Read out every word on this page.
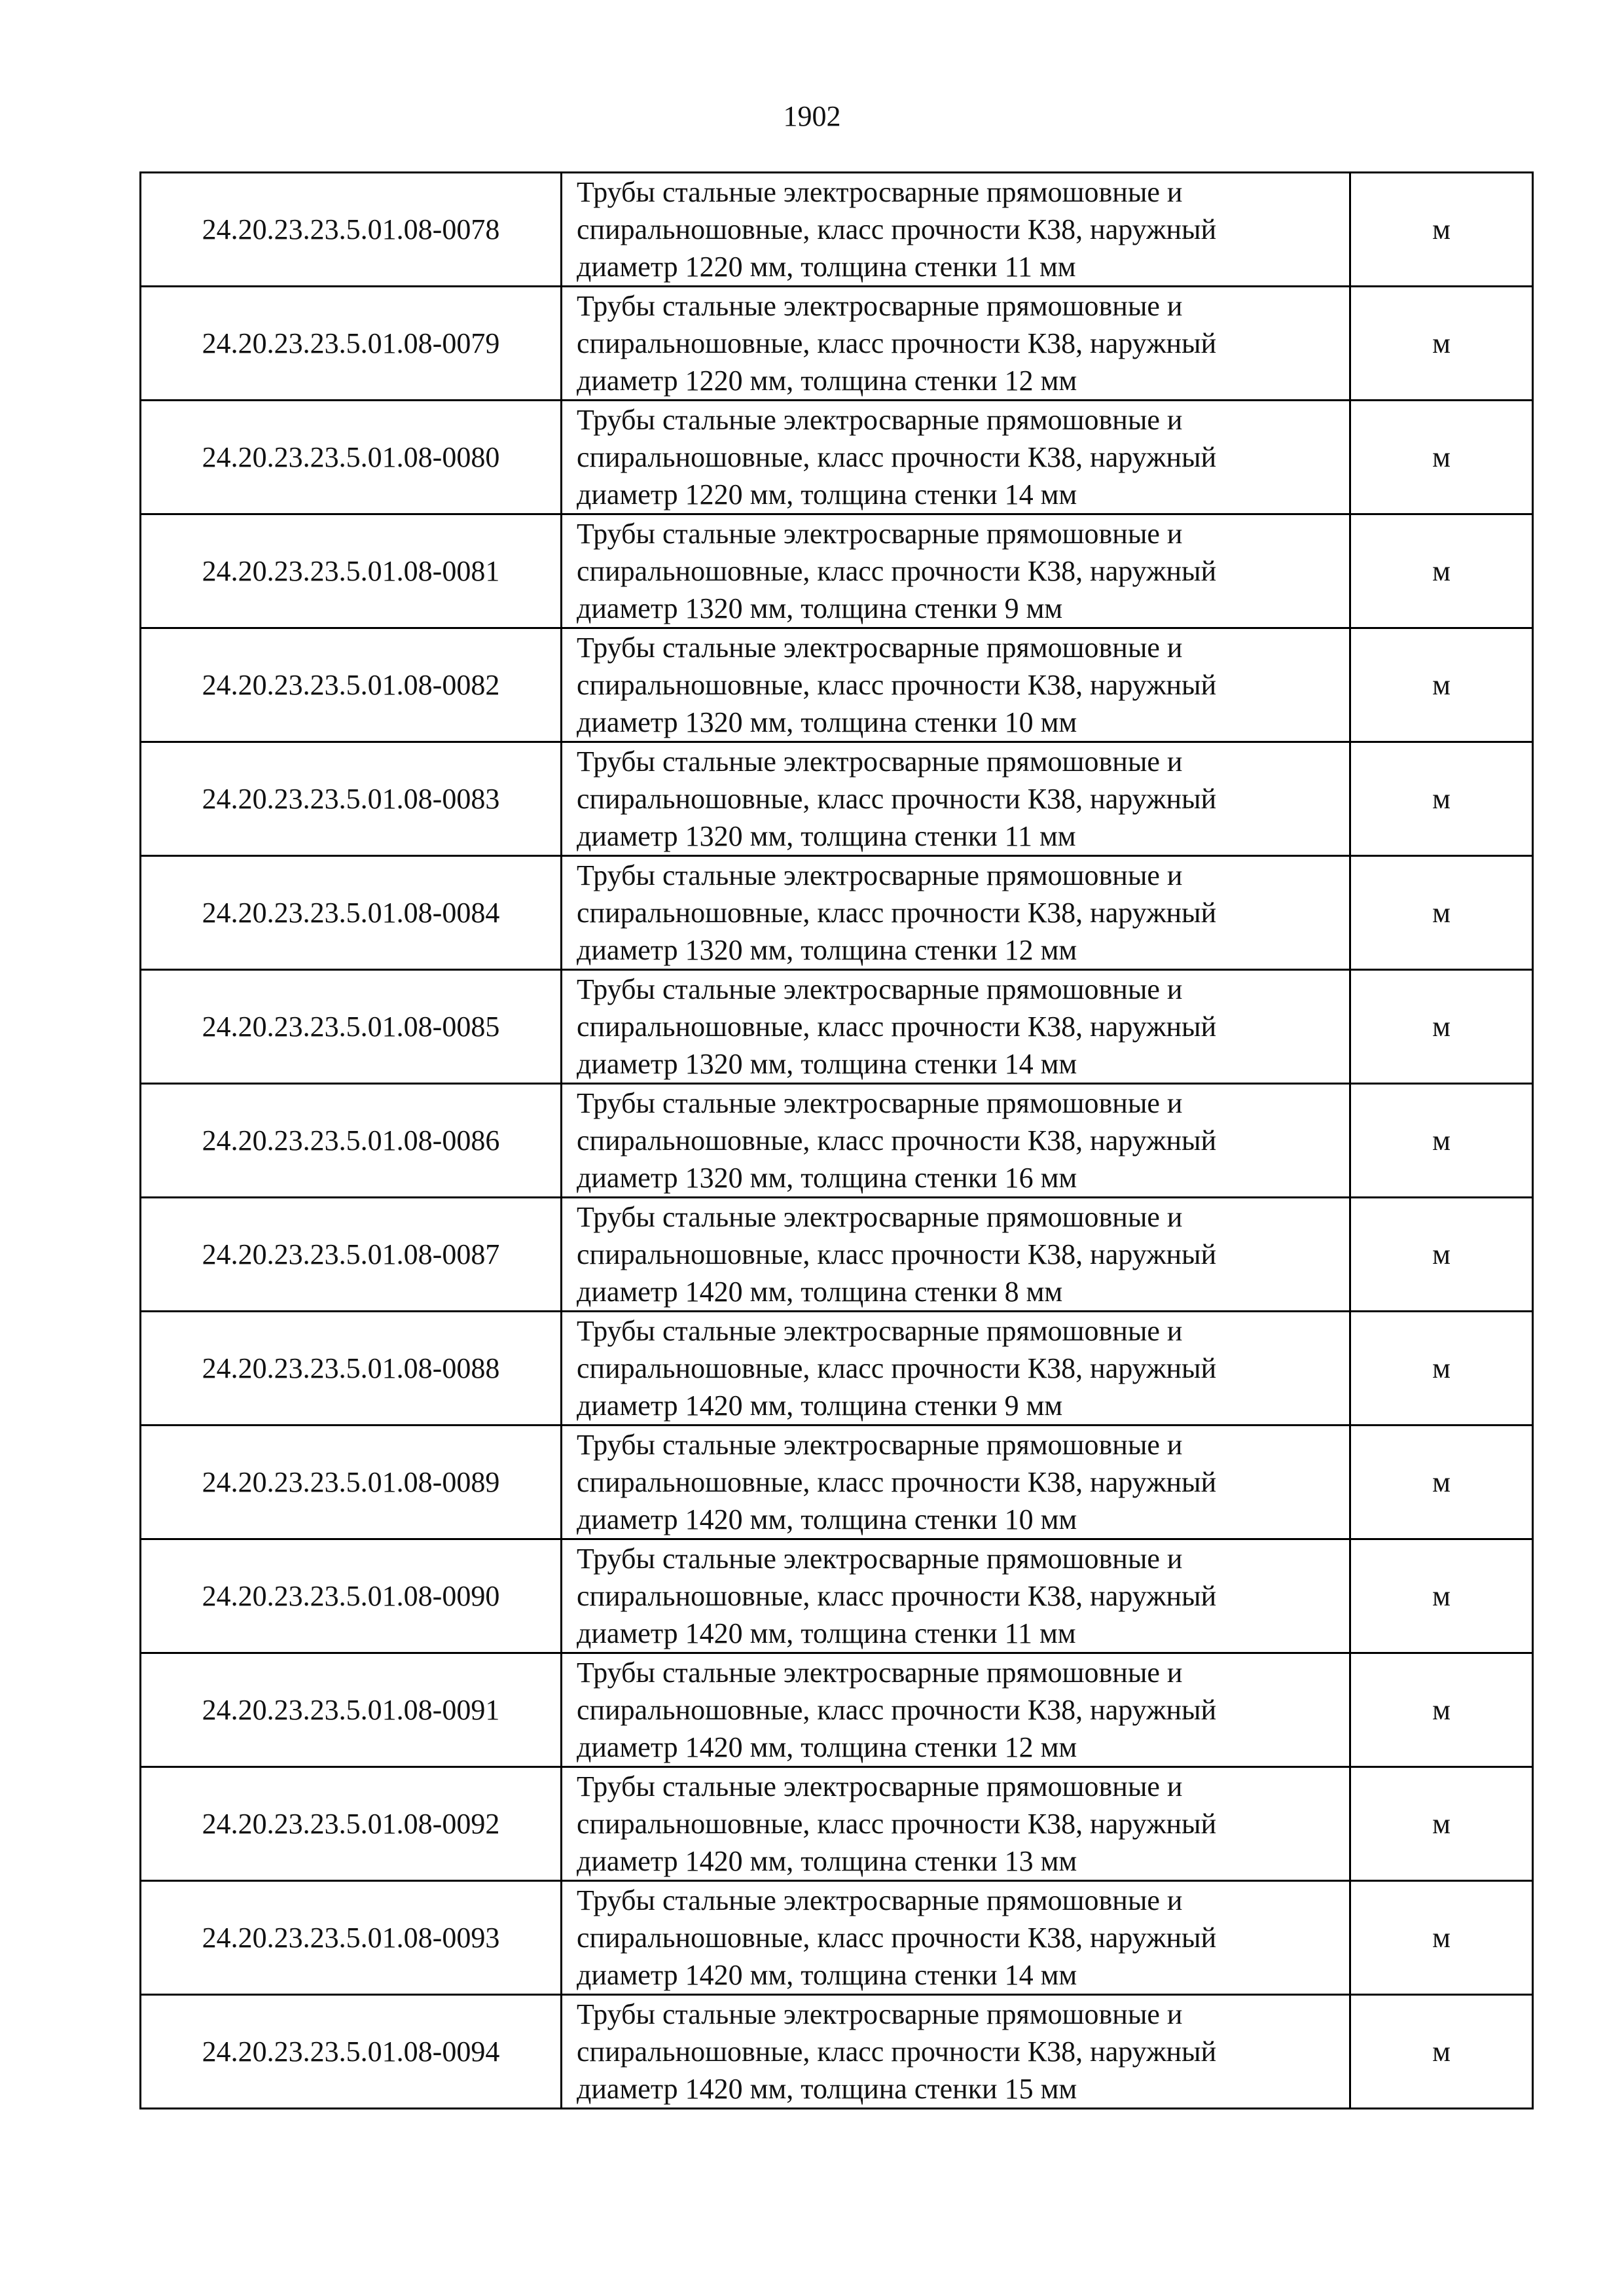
1902
24.20.23.23.5.01.08-0078	Трубы стальные электросварные прямошовные и
спиральношовные, класс прочности К38, наружный
диаметр 1220 мм, толщина стенки 11 мм	м
24.20.23.23.5.01.08-0079	Трубы стальные электросварные прямошовные и
спиральношовные, класс прочности К38, наружный
диаметр 1220 мм, толщина стенки 12 мм	м
24.20.23.23.5.01.08-0080	Трубы стальные электросварные прямошовные и
спиральношовные, класс прочности К38, наружный
диаметр 1220 мм, толщина стенки 14 мм	м
24.20.23.23.5.01.08-0081	Трубы стальные электросварные прямошовные и
спиральношовные, класс прочности К38, наружный
диаметр 1320 мм, толщина стенки 9 мм	м
24.20.23.23.5.01.08-0082	Трубы стальные электросварные прямошовные и
спиральношовные, класс прочности К38, наружный
диаметр 1320 мм, толщина стенки 10 мм	м
24.20.23.23.5.01.08-0083	Трубы стальные электросварные прямошовные и
спиральношовные, класс прочности К38, наружный
диаметр 1320 мм, толщина стенки 11 мм	м
24.20.23.23.5.01.08-0084	Трубы стальные электросварные прямошовные и
спиральношовные, класс прочности К38, наружный
диаметр 1320 мм, толщина стенки 12 мм	м
24.20.23.23.5.01.08-0085	Трубы стальные электросварные прямошовные и
спиральношовные, класс прочности К38, наружный
диаметр 1320 мм, толщина стенки 14 мм	м
24.20.23.23.5.01.08-0086	Трубы стальные электросварные прямошовные и
спиральношовные, класс прочности К38, наружный
диаметр 1320 мм, толщина стенки 16 мм	м
24.20.23.23.5.01.08-0087	Трубы стальные электросварные прямошовные и
спиральношовные, класс прочности К38, наружный
диаметр 1420 мм, толщина стенки 8 мм	м
24.20.23.23.5.01.08-0088	Трубы стальные электросварные прямошовные и
спиральношовные, класс прочности К38, наружный
диаметр 1420 мм, толщина стенки 9 мм	м
24.20.23.23.5.01.08-0089	Трубы стальные электросварные прямошовные и
спиральношовные, класс прочности К38, наружный
диаметр 1420 мм, толщина стенки 10 мм	м
24.20.23.23.5.01.08-0090	Трубы стальные электросварные прямошовные и
спиральношовные, класс прочности К38, наружный
диаметр 1420 мм, толщина стенки 11 мм	м
24.20.23.23.5.01.08-0091	Трубы стальные электросварные прямошовные и
спиральношовные, класс прочности К38, наружный
диаметр 1420 мм, толщина стенки 12 мм	м
24.20.23.23.5.01.08-0092	Трубы стальные электросварные прямошовные и
спиральношовные, класс прочности К38, наружный
диаметр 1420 мм, толщина стенки 13 мм	м
24.20.23.23.5.01.08-0093	Трубы стальные электросварные прямошовные и
спиральношовные, класс прочности К38, наружный
диаметр 1420 мм, толщина стенки 14 мм	м
24.20.23.23.5.01.08-0094	Трубы стальные электросварные прямошовные и
спиральношовные, класс прочности К38, наружный
диаметр 1420 мм, толщина стенки 15 мм	м
